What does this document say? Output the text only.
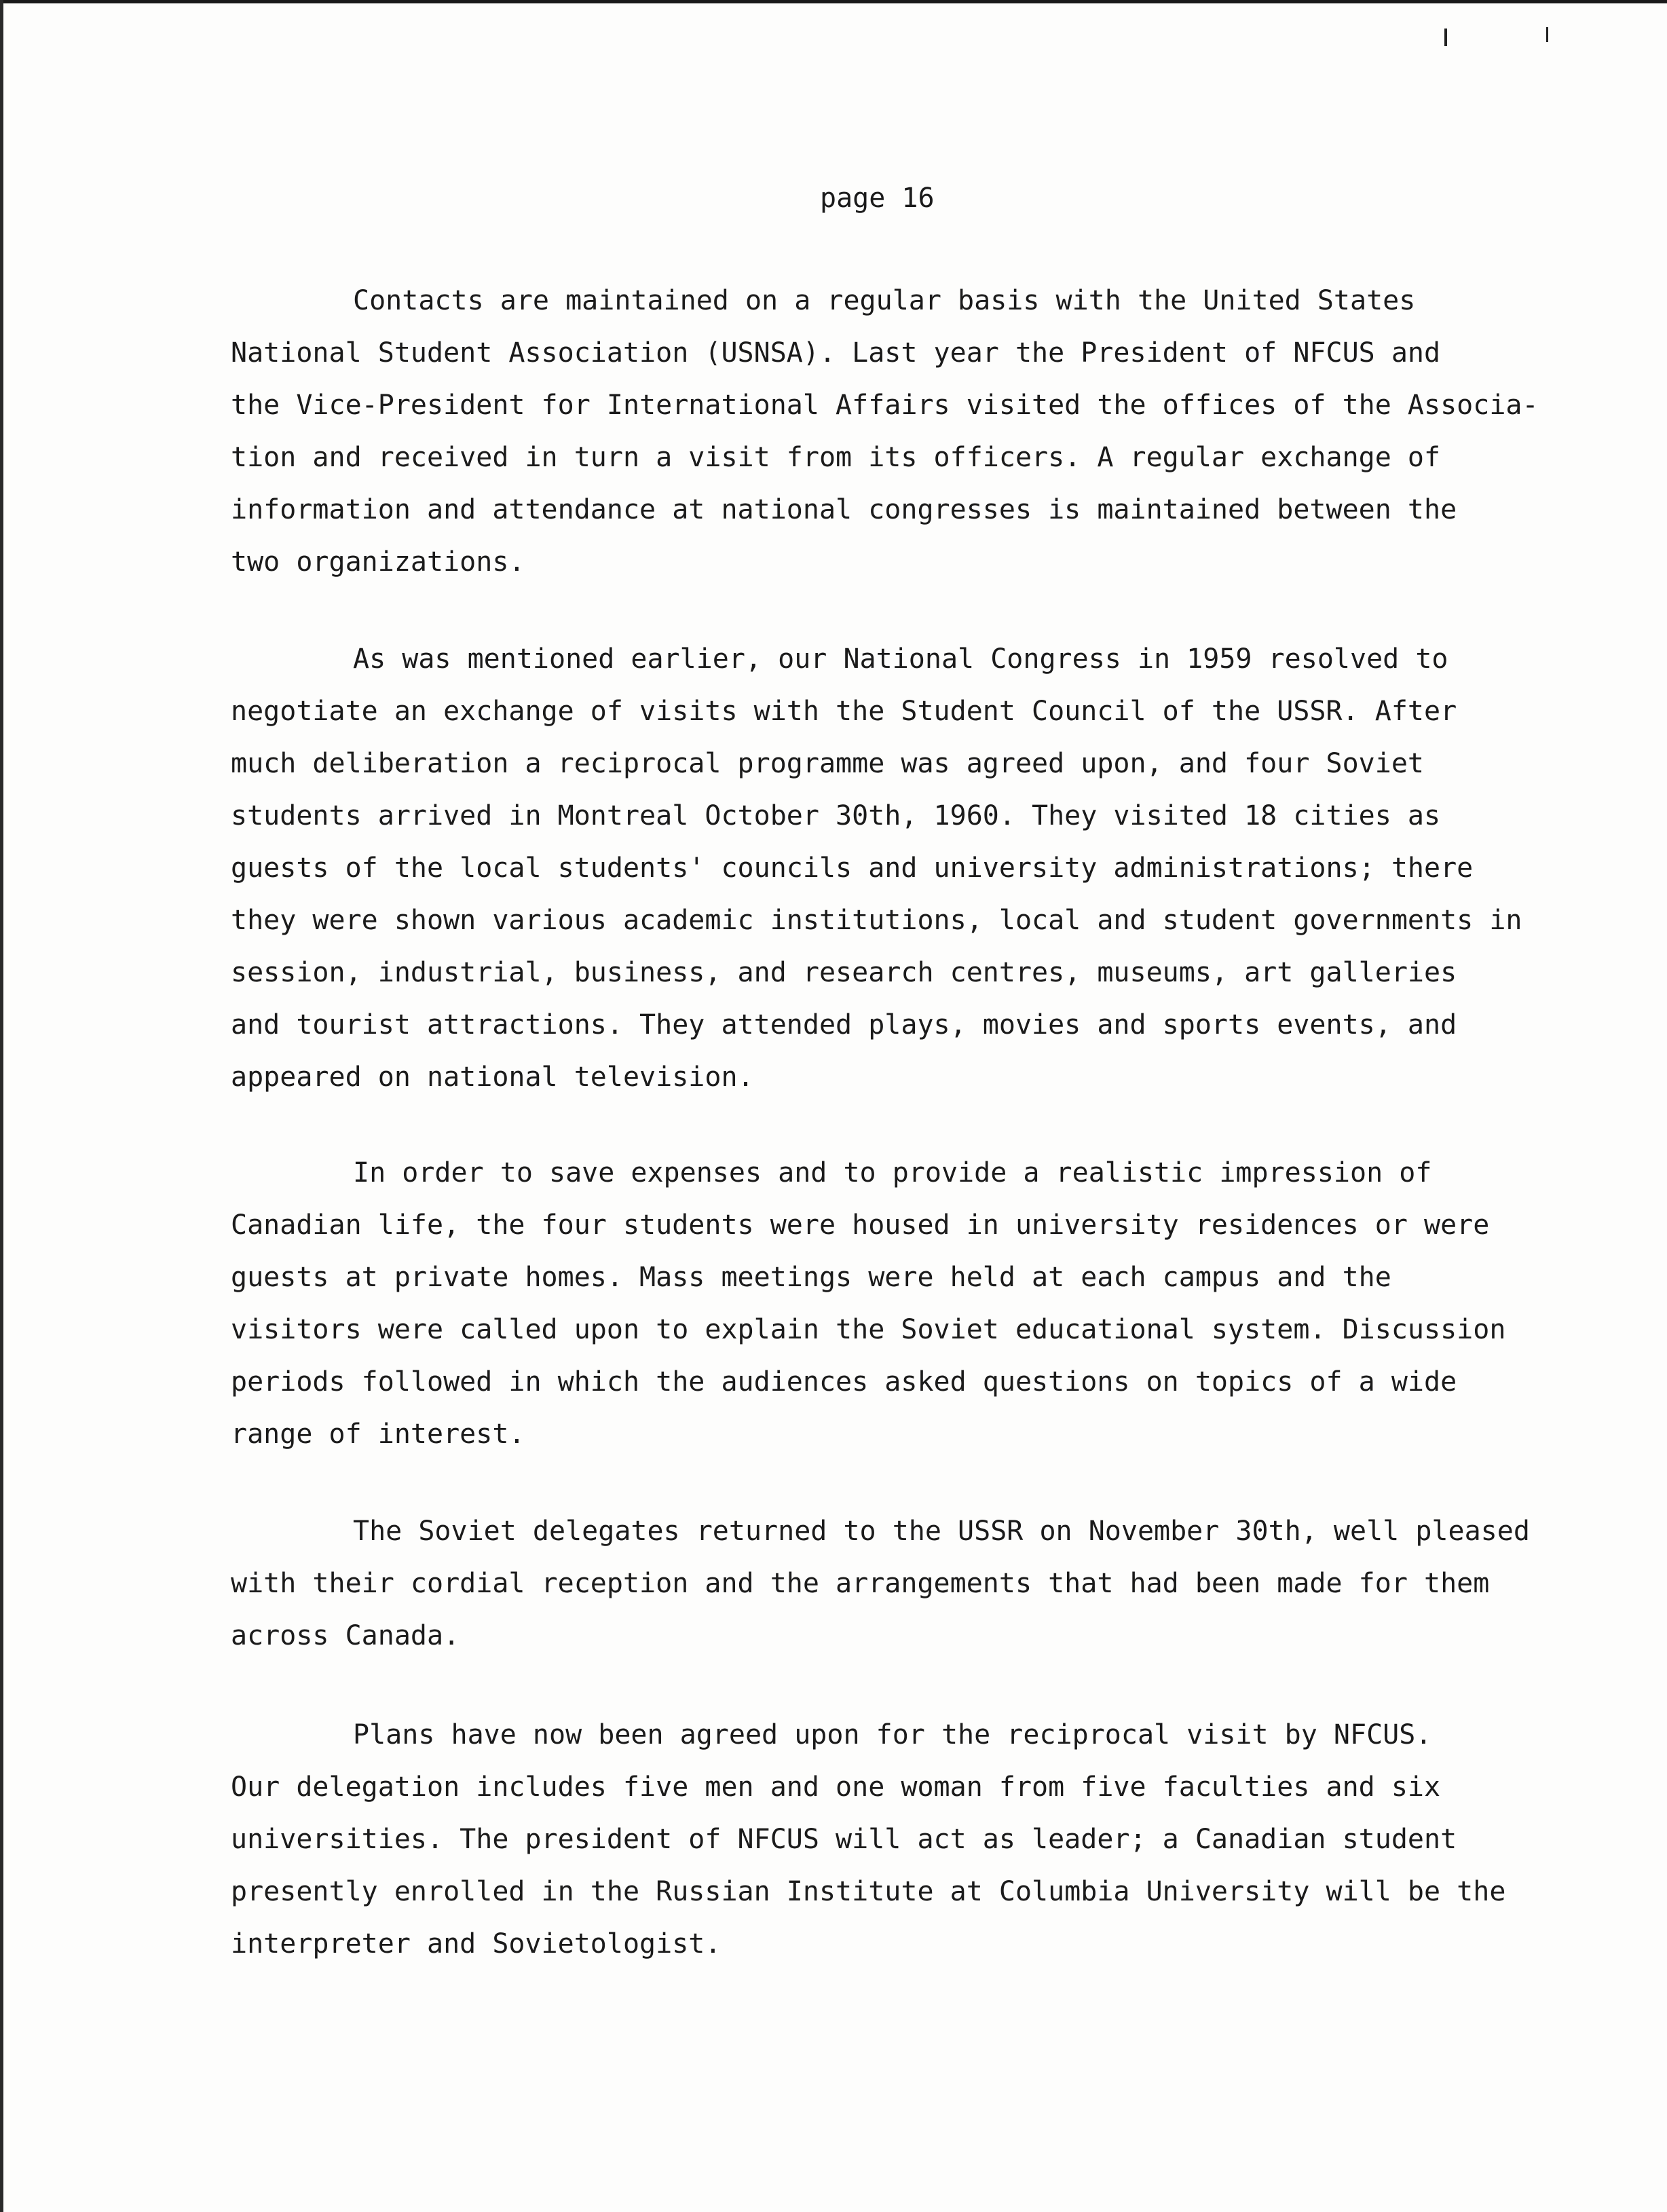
page 16
Contacts are maintained on a regular basis with the United States
National Student Association (USNSA). Last year the President of NFCUS and
the Vice-President for International Affairs visited the offices of the Associa-
tion and received in turn a visit from its officers. A regular exchange of
information and attendance at national congresses is maintained between the
two organizations.
As was mentioned earlier, our National Congress in 1959 resolved to
negotiate an exchange of visits with the Student Council of the USSR. After
much deliberation a reciprocal programme was agreed upon, and four Soviet
students arrived in Montreal October 30th, 1960. They visited 18 cities as
guests of the local students' councils and university administrations; there
they were shown various academic institutions, local and student governments in
session, industrial, business, and research centres, museums, art galleries
and tourist attractions. They attended plays, movies and sports events, and
appeared on national television.
In order to save expenses and to provide a realistic impression of
Canadian life, the four students were housed in university residences or were
guests at private homes. Mass meetings were held at each campus and the
visitors were called upon to explain the Soviet educational system. Discussion
periods followed in which the audiences asked questions on topics of a wide
range of interest.
The Soviet delegates returned to the USSR on November 30th, well pleased
with their cordial reception and the arrangements that had been made for them
across Canada.
Plans have now been agreed upon for the reciprocal visit by NFCUS.
Our delegation includes five men and one woman from five faculties and six
universities. The president of NFCUS will act as leader; a Canadian student
presently enrolled in the Russian Institute at Columbia University will be the
interpreter and Sovietologist.
